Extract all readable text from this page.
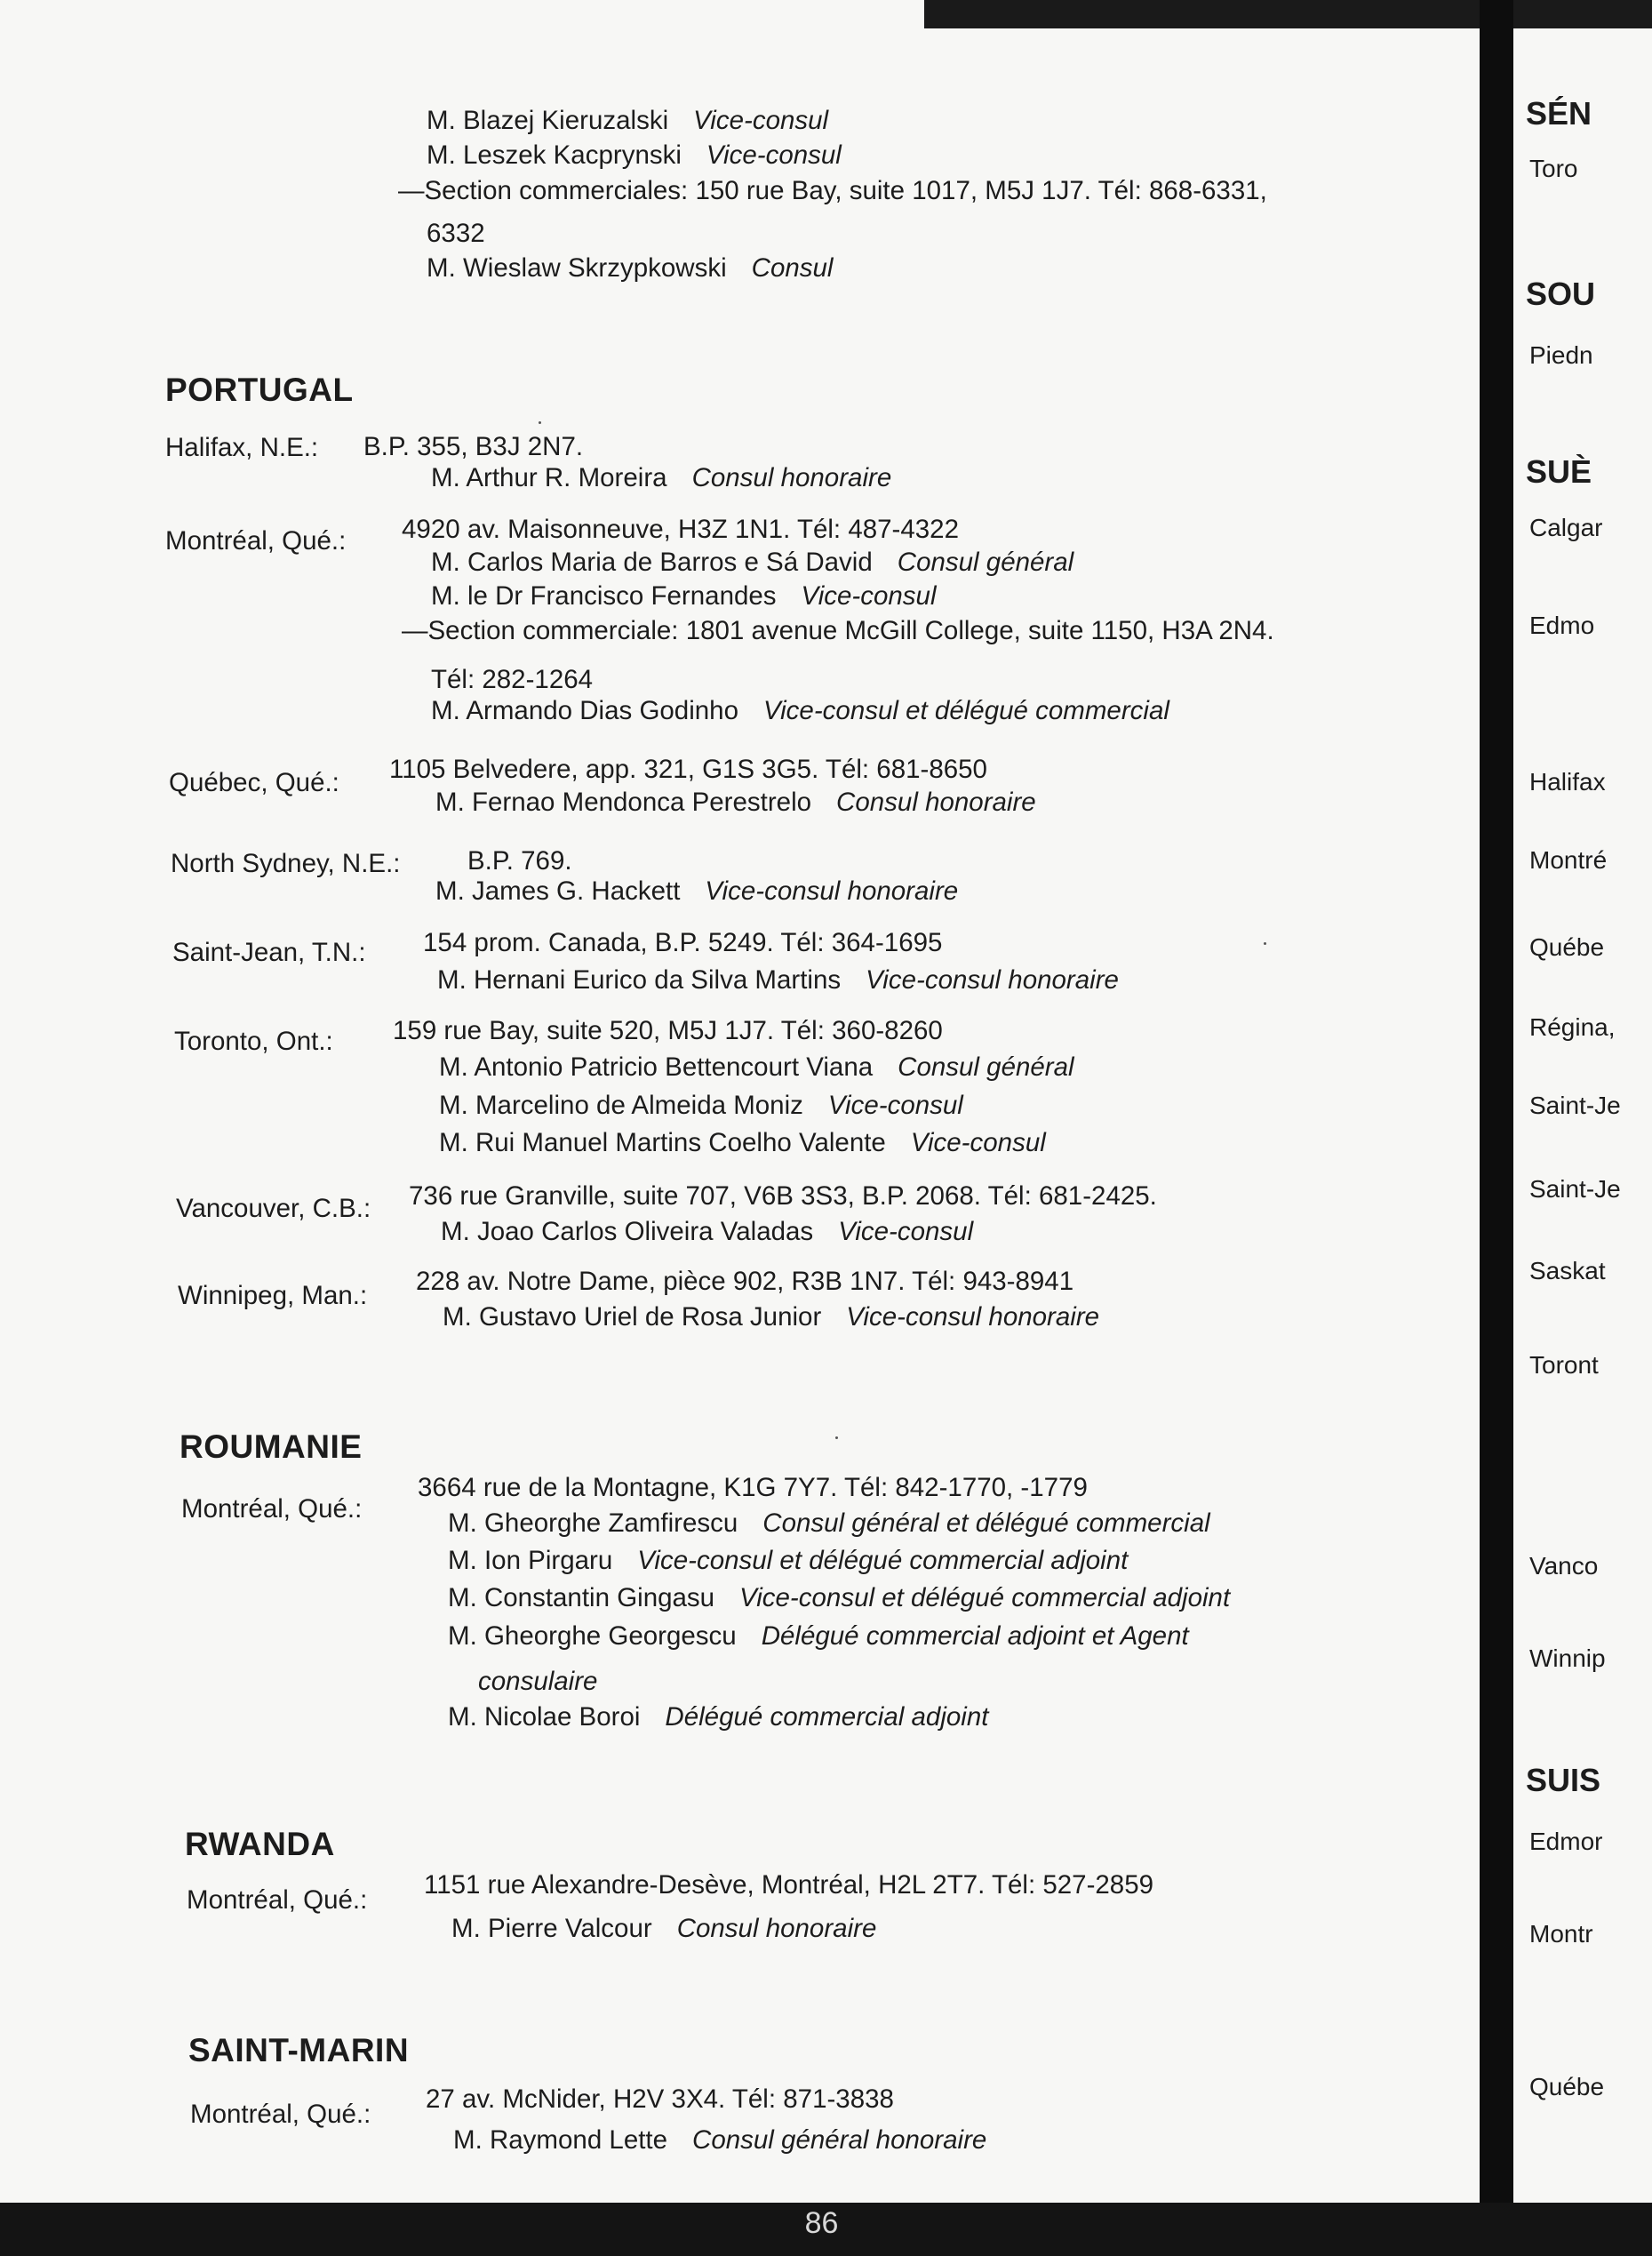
M. Blazej Kieruzalski Vice-consul
M. Leszek Kacprynski Vice-consul
—Section commerciales: 150 rue Bay, suite 1017, M5J 1J7. Tél: 868-6331,
6332
M. Wieslaw Skrzypkowski Consul
PORTUGAL
Halifax, N.E.: B.P. 355, B3J 2N7.
M. Arthur R. Moreira Consul honoraire
Montréal, Qué.: 4920 av. Maisonneuve, H3Z 1N1. Tél: 487-4322
M. Carlos Maria de Barros e Sá David Consul général
M. le Dr Francisco Fernandes Vice-consul
—Section commerciale: 1801 avenue McGill College, suite 1150, H3A 2N4.
Tél: 282-1264
M. Armando Dias Godinho Vice-consul et délégué commercial
Québec, Qué.: 1105 Belvedere, app. 321, G1S 3G5. Tél: 681-8650
M. Fernao Mendonca Perestrelo Consul honoraire
North Sydney, N.E.:	B.P. 769.
M. James G. Hackett Vice-consul honoraire
Saint-Jean, T.N.: 154 prom. Canada, B.P. 5249. Tél: 364-1695
M. Hernani Eurico da Silva Martins Vice-consul honoraire
Toronto, Ont.: 159 rue Bay, suite 520, M5J 1J7. Tél: 360-8260
M. Antonio Patricio Bettencourt Viana Consul général
M. Marcelino de Almeida Moniz Vice-consul
M. Rui Manuel Martins Coelho Valente Vice-consul
Vancouver, C.B.: 736 rue Granville, suite 707, V6B 3S3, B.P. 2068. Tél: 681-2425.
M. Joao Carlos Oliveira Valadas Vice-consul
Winnipeg, Man.: 228 av. Notre Dame, pièce 902, R3B 1N7. Tél: 943-8941
M. Gustavo Uriel de Rosa Junior Vice-consul honoraire
ROUMANIE
Montréal, Qué.:
3664 rue de la Montagne, K1G 7Y7. Tél: 842-1770, -1779
M. Gheorghe Zamfirescu Consul général et délégué commercial
M. Ion Pirgaru Vice-consul et délégué commercial adjoint
M. Constantin Gingasu Vice-consul et délégué commercial adjoint
M. Gheorghe Georgescu Délégué commercial adjoint et Agent
consulaire
M. Nicolae Boroi Délégué commercial adjoint
RWANDA
Montréal, Qué.:
1151 rue Alexandre-Desève, Montréal, H2L 2T7. Tél: 527-2859
M. Pierre Valcour Consul honoraire
SAINT-MARIN
Montréal, Qué.:
27 av. McNider, H2V 3X4. Tél: 871-3838
M. Raymond Lette Consul général honoraire
SÉN
Toro
SOU
Piedn
SUÈ
Calgar
Edmo
Halifax
Montré
Québe
Régina,
Saint-Je
Saint-Je
Saskat
Toront
Vanco
Winnip
SUIS
Edmor
Montr
Québe
86
